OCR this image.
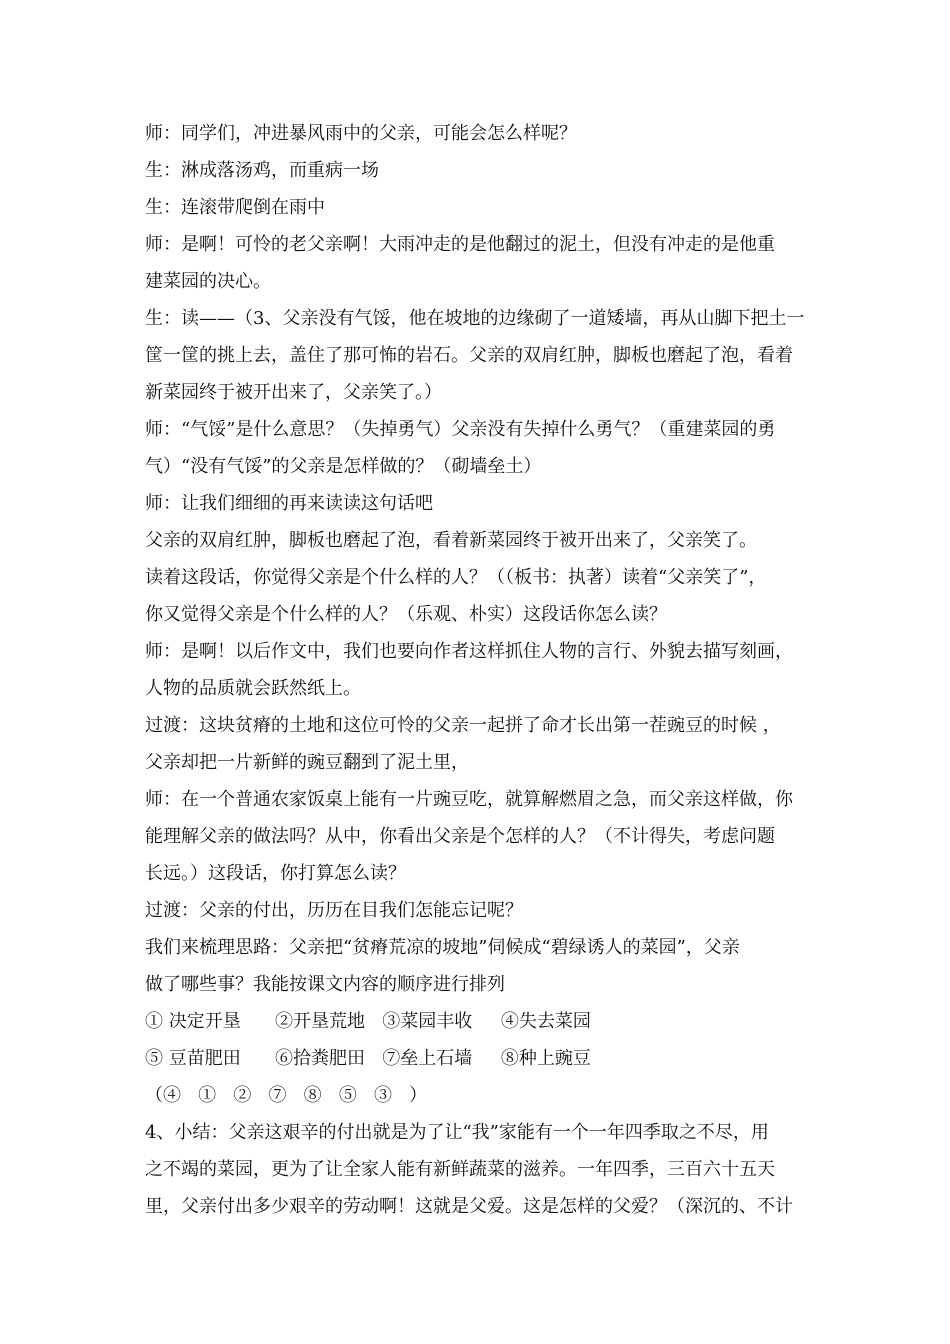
师：同学们，冲进暴风雨中的父亲，可能会怎么样呢？
生：淋成落汤鸡，而重病一场
生：连滚带爬倒在雨中
师：是啊！可怜的老父亲啊！大雨冲走的是他翻过的泥土，但没有冲走的是他重
建菜园的决心。
生：读——（3、父亲没有气馁，他在坡地的边缘砌了一道矮墙，再从山脚下把土一
筐一筐的挑上去，盖住了那可怖的岩石。父亲的双肩红肿，脚板也磨起了泡，看着
新菜园终于被开出来了，父亲笑了。）
师：“气馁”是什么意思？（失掉勇气）父亲没有失掉什么勇气？（重建菜园的勇
气）“没有气馁”的父亲是怎样做的？（砌墙垒土）
师：让我们细细的再来读读这句话吧
父亲的双肩红肿，脚板也磨起了泡，看着新菜园终于被开出来了，父亲笑了。
读着这段话，你觉得父亲是个什么样的人？（（板书：执著）读着“父亲笑了”，
你又觉得父亲是个什么样的人？（乐观、朴实）这段话你怎么读？
师：是啊！以后作文中，我们也要向作者这样抓住人物的言行、外貌去描写刻画，
人物的品质就会跃然纸上。
过渡：这块贫瘠的土地和这位可怜的父亲一起拼了命才长出第一茬豌豆的时候 ，
父亲却把一片新鲜的豌豆翻到了泥土里，
师：在一个普通农家饭桌上能有一片豌豆吃，就算解燃眉之急，而父亲这样做，你
能理解父亲的做法吗？从中，你看出父亲是个怎样的人？（不计得失，考虑问题
长远。）这段话，你打算怎么读？
过渡：父亲的付出，历历在目我们怎能忘记呢？
我们来梳理思路：父亲把“贫瘠荒凉的坡地”伺候成“碧绿诱人的菜园”，父亲
做了哪些事？我能按课文内容的顺序进行排列
① 决定开垦      ②开垦荒地   ③菜园丰收     ④失去菜园
⑤ 豆苗肥田      ⑥拾粪肥田   ⑦垒上石墙     ⑧种上豌豆
（④   ①   ②   ⑦   ⑧   ⑤   ③   ）
4、小结：父亲这艰辛的付出就是为了让“我”家能有一个一年四季取之不尽，用
之不竭的菜园，更为了让全家人能有新鲜蔬菜的滋养。一年四季，三百六十五天
里，父亲付出多少艰辛的劳动啊！这就是父爱。这是怎样的父爱？（深沉的、不计
